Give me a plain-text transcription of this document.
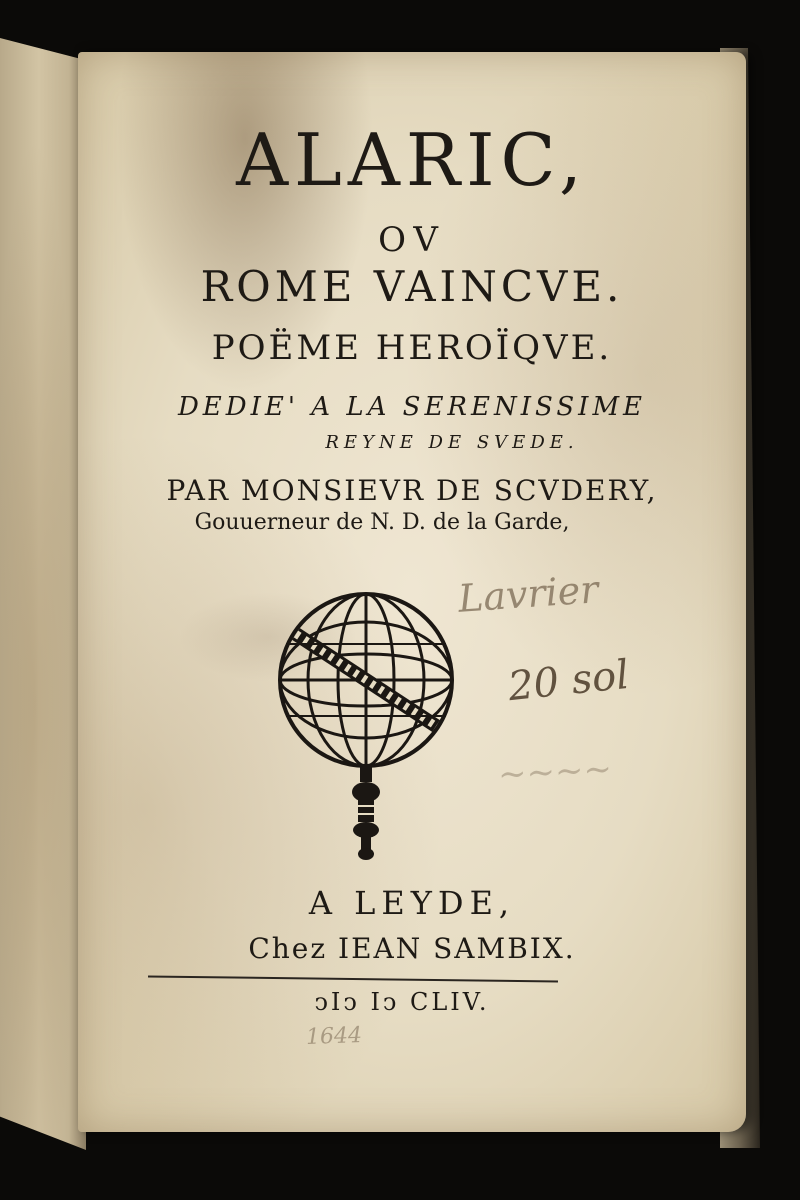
ALARIC,
OV
ROME VAINCVE.
POËME HEROÏQVE.
DEDIE' A LA SERENISSIME
REYNE DE SVEDE.
PAR MONSIEVR DE SCVDERY,
Gouuerneur de N. D. de la Garde,
Lavrier
20 sol
~~~~
A LEYDE,
Chez IEAN SAMBIX.
ↄIↄ Iↄ CLIV.
1644
